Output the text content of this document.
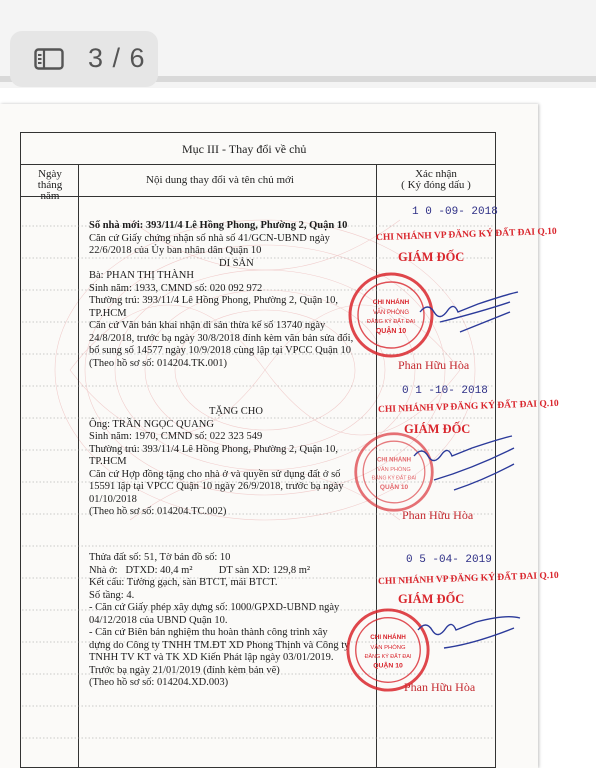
3 / 6
Mục III - Thay đổi về chủ
Ngày tháng
năm
Nội dung thay đổi và tên chủ mới	Xác nhận
( Ký đóng dấu )
Số nhà mới: 393/11/4 Lê Hồng Phong, Phường 2, Quận 10
Căn cứ Giấy chứng nhận số nhà số 41/GCN-UBND ngày
22/6/2018 của Ủy ban nhân dân Quận 10
DI SẢN
Bà: PHAN THỊ THÀNH
Sinh năm: 1933, CMND số: 020 092 972
Thường trú: 393/11/4 Lê Hồng Phong, Phường 2, Quận 10,
TP.HCM
Căn cứ Văn bản khai nhận di sản thừa kế số 13740 ngày
24/8/2018, trước bạ ngày 30/8/2018 đính kèm văn bản sửa đổi,
bổ sung số 14577 ngày 10/9/2018 cùng lập tại VPCC Quận 10
(Theo hồ sơ số: 014204.TK.001)
1 0 -09- 2018
CHI NHÁNH VP ĐĂNG KÝ ĐẤT ĐAI Q.10
GIÁM ĐỐC
Phan Hữu Hòa
TẶNG CHO
Ông: TRẦN NGỌC QUANG
Sinh năm: 1970, CMND số: 022 323 549
Thường trú: 393/11/4 Lê Hồng Phong, Phường 2, Quận 10,
TP.HCM
Căn cứ Hợp đồng tặng cho nhà ở và quyền sử dụng đất ở số
15591 lập tại VPCC Quận 10 ngày 26/9/2018, trước bạ ngày
01/10/2018
(Theo hồ sơ số: 014204.TC.002)
0 1 -10- 2018
CHI NHÁNH VP ĐĂNG KÝ ĐẤT ĐAI Q.10
GIÁM ĐỐC
Phan Hữu Hòa
Thửa đất số: 51, Tờ bản đồ số: 10
Nhà ở:   DTXD: 40,4 m²          DT sàn XD: 129,8 m²
Kết cấu: Tường gạch, sàn BTCT, mái BTCT.
Số tầng: 4.
- Căn cứ Giấy phép xây dựng số: 1000/GPXD-UBND ngày
04/12/2018 của UBND Quận 10.
- Căn cứ Biên bản nghiệm thu hoàn thành công trình xây
dựng do Công ty TNHH TM.ĐT XD Phong Thịnh và Công ty
TNHH TV KT và TK XD Kiến Phát lập ngày 03/01/2019.
Trước bạ ngày 21/01/2019 (đính kèm bản vẽ)
(Theo hồ sơ số: 014204.XD.003)
0 5 -04- 2019
CHI NHÁNH VP ĐĂNG KÝ ĐẤT ĐAI Q.10
GIÁM ĐỐC
Phan Hữu Hòa
CHI NHÁNH
VĂN PHÒNG
ĐĂNG KÝ ĐẤT ĐAI
QUẬN 10
CHI NHÁNH
VĂN PHÒNG
ĐĂNG KÝ ĐẤT ĐAI
QUẬN 10
CHI NHÁNH
VĂN PHÒNG
ĐĂNG KÝ ĐẤT ĐAI
QUẬN 10
